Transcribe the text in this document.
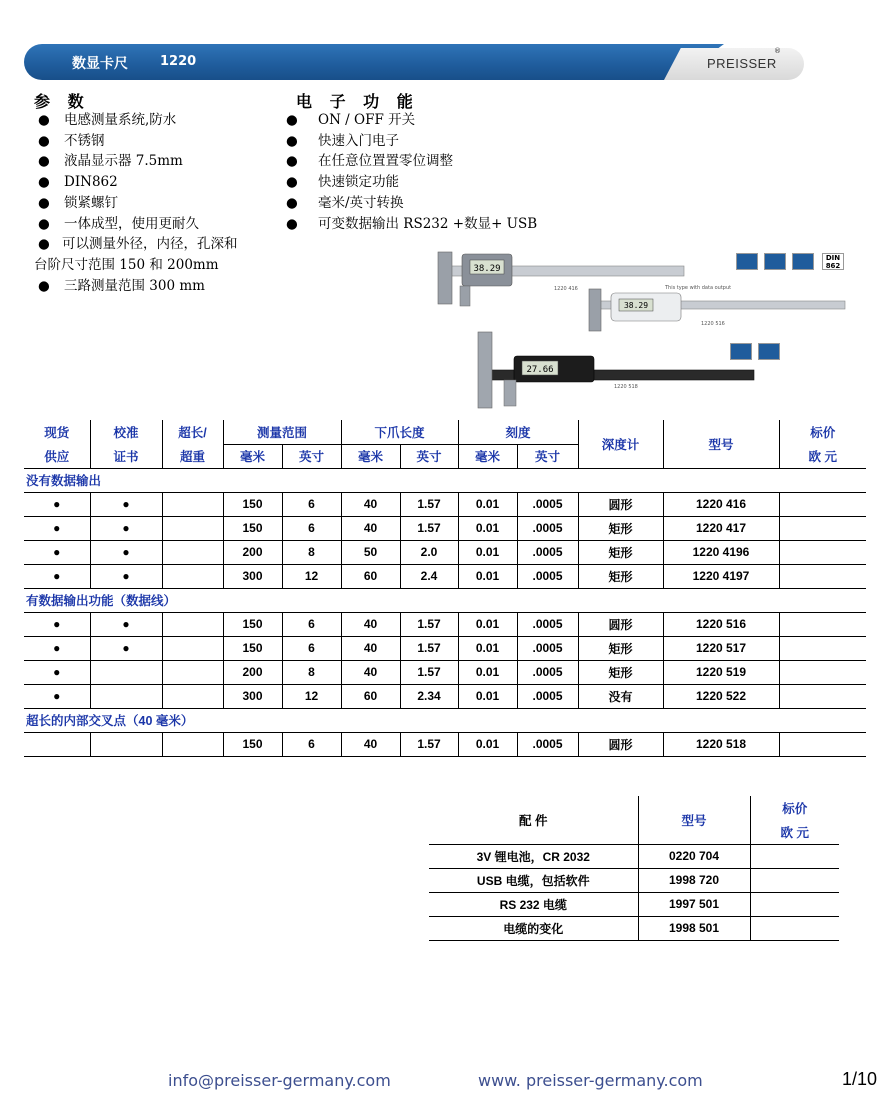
数显卡尺 1220	PREISSER
®
参 数
●	电感测量系统,防水
●	不锈钢
●	液晶显示器 7.5mm
●	DIN862
●	锁紧螺钉
●	一体成型，使用更耐久
● 可以测量外径，内径，孔深和
台阶尺寸范围 150 和 200mm
●	三路测量范围 300 mm
电 子 功 能
●	ON / OFF 开关
●	快速入门电子
●	在任意位置置零位调整
●	快速锁定功能
●	毫米/英寸转换
●	可变数据输出 RS232 +数显+ USB
38.29
1220 416
DIN 862
This type with data output
38.29
1220 516
27.66
1220 518
现货	校准	超长/	测量范围		下爪长度		刻度		深度计	型号	标价
供应	证书	超重	毫米	英寸	毫米	英寸	毫米	英寸			欧 元
没有数据输出											
●	●		150	6	40	1.57	0.01	.0005	圆形	1220 416	
●	●		150	6	40	1.57	0.01	.0005	矩形	1220 417	
●	●		200	8	50	2.0	0.01	.0005	矩形	1220 4196	
●	●		300	12	60	2.4	0.01	.0005	矩形	1220 4197	
有数据输出功能（数据线）											
●	●		150	6	40	1.57	0.01	.0005	圆形	1220 516	
●	●		150	6	40	1.57	0.01	.0005	矩形	1220 517	
●			200	8	40	1.57	0.01	.0005	矩形	1220 519	
●			300	12	60	2.34	0.01	.0005	没有	1220 522	
超长的内部交叉点（40 毫米）											
			150	6	40	1.57	0.01	.0005	圆形	1220 518	
配 件	型号	标价
		欧 元
3V 锂电池，CR 2032	0220 704	
USB 电缆，包括软件	1998 720	
RS 232 电缆	1997 501	
电缆的变化	1998 501	
info@preisser-germany.com	www. preisser-germany.com	1/10
